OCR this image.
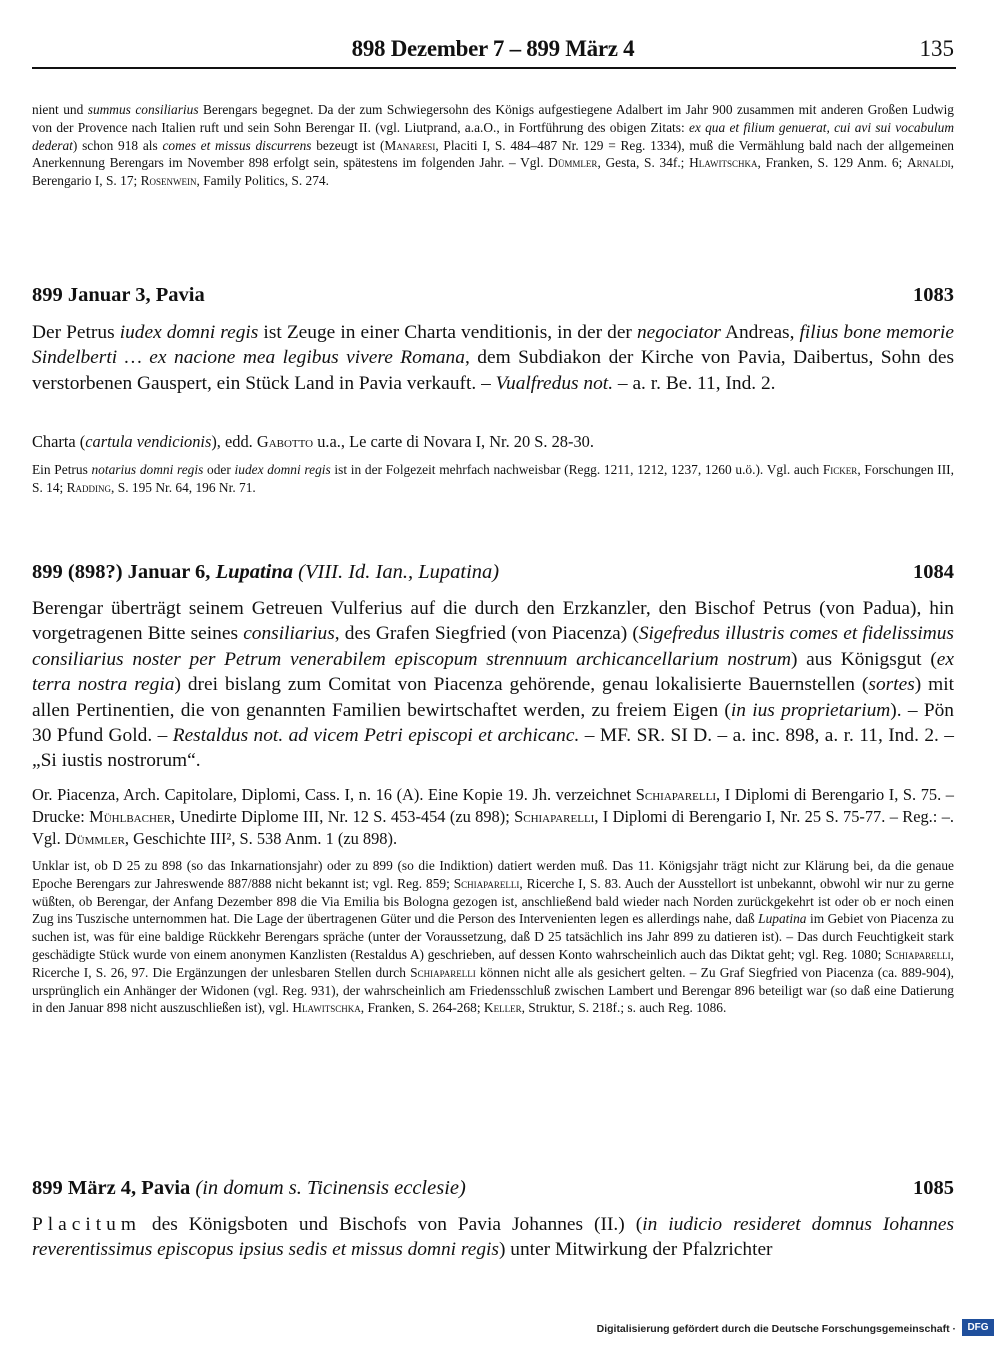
898 Dezember 7 – 899 März 4	135
nient und summus consiliarius Berengars begegnet. Da der zum Schwiegersohn des Königs aufgestiegene Adalbert im Jahr 900 zusammen mit anderen Großen Ludwig von der Provence nach Italien ruft und sein Sohn Berengar II. (vgl. Liutprand, a.a.O., in Fortführung des obigen Zitats: ex qua et filium genuerat, cui avi sui vocabulum dederat) schon 918 als comes et missus discurrens bezeugt ist (Manaresi, Placiti I, S. 484–487 Nr. 129 = Reg. 1334), muß die Vermählung bald nach der allgemeinen Anerkennung Berengars im November 898 erfolgt sein, spätestens im folgenden Jahr. – Vgl. Dümmler, Gesta, S. 34f.; Hlawitschka, Franken, S. 129 Anm. 6; Arnaldi, Berengario I, S. 17; Rosenwein, Family Politics, S. 274.
899 Januar 3, Pavia	1083
Der Petrus iudex domni regis ist Zeuge in einer Charta venditionis, in der der negociator Andreas, filius bone memorie Sindelberti … ex nacione mea legibus vivere Romana, dem Subdiakon der Kirche von Pavia, Daibertus, Sohn des verstorbenen Gauspert, ein Stück Land in Pavia verkauft. – Vualfredus not. – a. r. Be. 11, Ind. 2.
Charta (cartula vendicionis), edd. Gabotto u.a., Le carte di Novara I, Nr. 20 S. 28-30.
Ein Petrus notarius domni regis oder iudex domni regis ist in der Folgezeit mehrfach nachweisbar (Regg. 1211, 1212, 1237, 1260 u.ö.). Vgl. auch Ficker, Forschungen III, S. 14; Radding, S. 195 Nr. 64, 196 Nr. 71.
899 (898?) Januar 6, Lupatina (VIII. Id. Ian., Lupatina)	1084
Berengar überträgt seinem Getreuen Vulferius auf die durch den Erzkanzler, den Bischof Petrus (von Padua), hin vorgetragenen Bitte seines consiliarius, des Grafen Siegfried (von Piacenza) (Sigefredus illustris comes et fidelissimus consiliarius noster per Petrum venerabilem episcopum strennuum archicancellarium nostrum) aus Königsgut (ex terra nostra regia) drei bislang zum Comitat von Piacenza gehörende, genau lokalisierte Bauernstellen (sortes) mit allen Pertinentien, die von genannten Familien bewirtschaftet werden, zu freiem Eigen (in ius proprietarium). – Pön 30 Pfund Gold. – Restaldus not. ad vicem Petri episcopi et archicanc. – MF. SR. SI D. – a. inc. 898, a. r. 11, Ind. 2. – „Si iustis nostrorum“.
Or. Piacenza, Arch. Capitolare, Diplomi, Cass. I, n. 16 (A). Eine Kopie 19. Jh. verzeichnet Schiaparelli, I Diplomi di Berengario I, S. 75. – Drucke: Mühlbacher, Unedirte Diplome III, Nr. 12 S. 453-454 (zu 898); Schiaparelli, I Diplomi di Berengario I, Nr. 25 S. 75-77. – Reg.: –. Vgl. Dümmler, Geschichte III², S. 538 Anm. 1 (zu 898).
Unklar ist, ob D 25 zu 898 (so das Inkarnationsjahr) oder zu 899 (so die Indiktion) datiert werden muß. Das 11. Königsjahr trägt nicht zur Klärung bei, da die genaue Epoche Berengars zur Jahreswende 887/888 nicht bekannt ist; vgl. Reg. 859; Schiaparelli, Ricerche I, S. 83. Auch der Ausstellort ist unbekannt, obwohl wir nur zu gerne wüßten, ob Berengar, der Anfang Dezember 898 die Via Emilia bis Bologna gezogen ist, anschließend bald wieder nach Norden zurückgekehrt ist oder ob er noch einen Zug ins Tuszische unternommen hat. Die Lage der übertragenen Güter und die Person des Intervenienten legen es allerdings nahe, daß Lupatina im Gebiet von Piacenza zu suchen ist, was für eine baldige Rückkehr Berengars spräche (unter der Voraussetzung, daß D 25 tatsächlich ins Jahr 899 zu datieren ist). – Das durch Feuchtigkeit stark geschädigte Stück wurde von einem anonymen Kanzlisten (Restaldus A) geschrieben, auf dessen Konto wahrscheinlich auch das Diktat geht; vgl. Reg. 1080; Schiaparelli, Ricerche I, S. 26, 97. Die Ergänzungen der unlesbaren Stellen durch Schiaparelli können nicht alle als gesichert gelten. – Zu Graf Siegfried von Piacenza (ca. 889-904), ursprünglich ein Anhänger der Widonen (vgl. Reg. 931), der wahrscheinlich am Friedensschluß zwischen Lambert und Berengar 896 beteiligt war (so daß eine Datierung in den Januar 898 nicht auszuschließen ist), vgl. Hlawitschka, Franken, S. 264-268; Keller, Struktur, S. 218f.; s. auch Reg. 1086.
899 März 4, Pavia (in domum s. Ticinensis ecclesie)	1085
Placitum des Königsboten und Bischofs von Pavia Johannes (II.) (in iudicio resideret domnus Iohannes reverentissimus episcopus ipsius sedis et missus domni regis) unter Mitwirkung der Pfalzrichter
Digitalisierung gefördert durch die Deutsche Forschungsgemeinschaft ·	DFG
